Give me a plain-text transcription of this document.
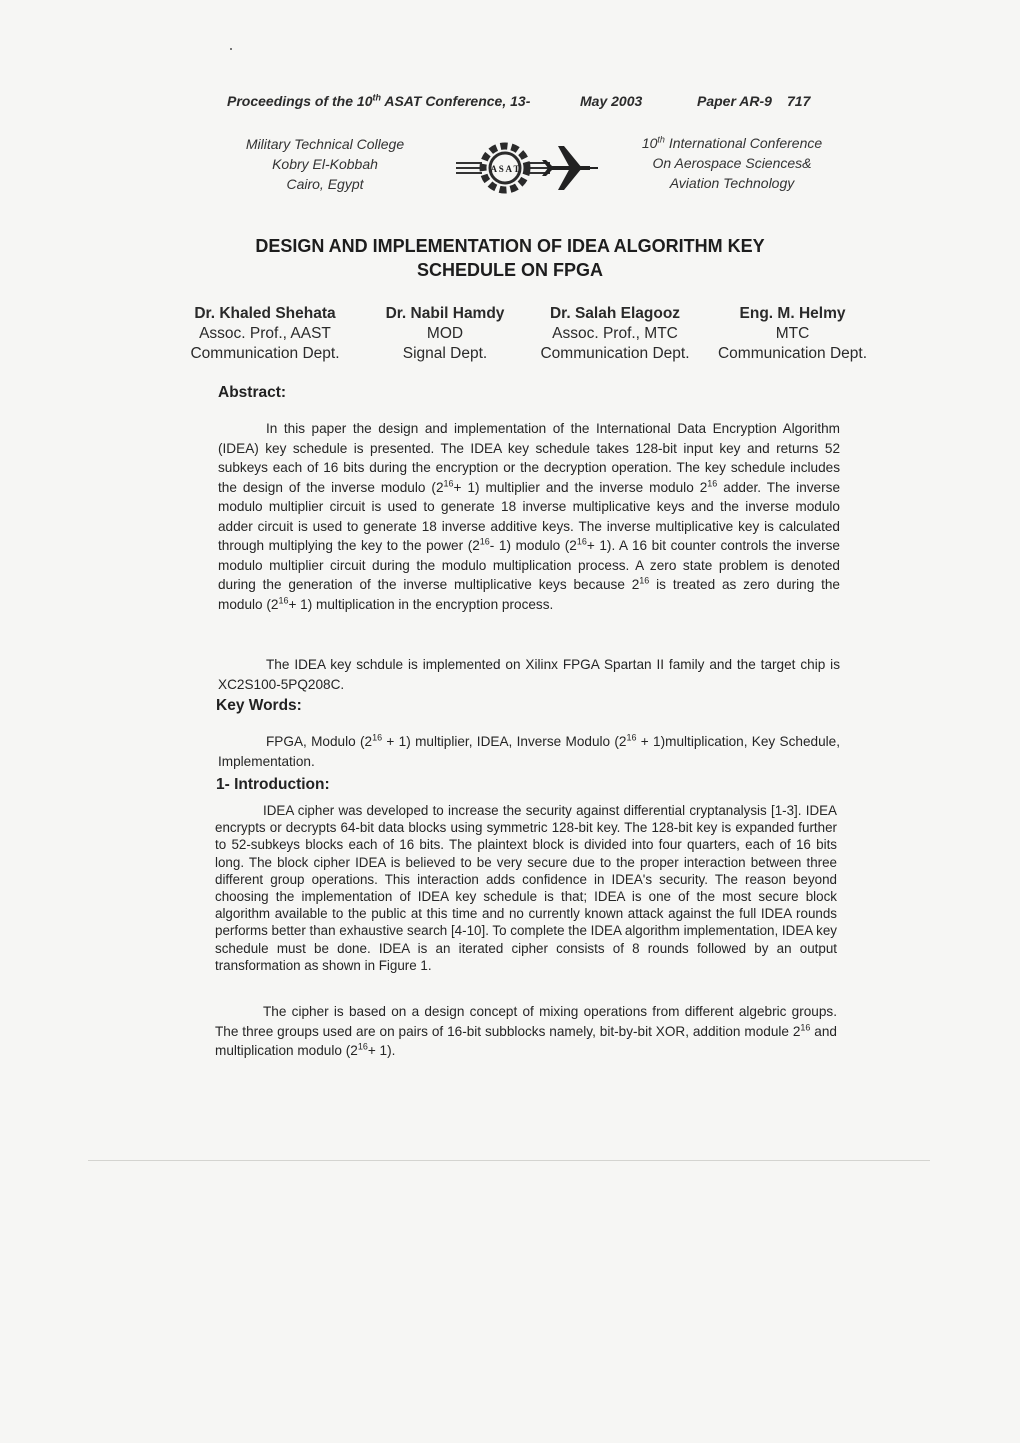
Proceedings of the 10th ASAT Conference, 13-	May 2003	Paper AR-9 717
Military Technical College
Kobry El-Kobbah
Cairo, Egypt
A S A T
10th International Conference
On Aerospace Sciences&
Aviation Technology
DESIGN AND IMPLEMENTATION OF IDEA ALGORITHM KEY
SCHEDULE ON FPGA
Dr. Khaled Shehata
Assoc. Prof., AAST
Communication Dept.
Dr. Nabil Hamdy
MOD
Signal Dept.
Dr. Salah Elagooz
Assoc. Prof., MTC
Communication Dept.
Eng. M. Helmy
MTC
Communication Dept.
Abstract:

In this paper the design and implementation of the International Data Encryption Algorithm (IDEA) key schedule is presented. The IDEA key schedule takes 128-bit input key and returns 52 subkeys each of 16 bits during the encryption or the decryption operation. The key schedule includes the design of the inverse modulo $(2^{16}+ 1)$ multiplier and the inverse modulo $2^{16}$ adder. The inverse modulo multiplier circuit is used to generate 18 inverse multiplicative keys and the inverse modulo adder circuit is used to generate 18 inverse additive keys. The inverse multiplicative key is calculated through multiplying the key to the power ($2^{16}-$ 1) modulo $(2^{16}+ 1)$. A 16 bit counter controls the inverse modulo multiplier circuit during the modulo multiplication process. A zero state problem is denoted during the generation of the inverse multiplicative keys because $2^{16}$ is treated as zero during the modulo $(2^{16}+ 1)$ multiplication in the encryption process.

The IDEA key schdule is implemented on Xilinx FPGA Spartan II family and the target chip is XC2S100-5PQ208C.

Key Words:

FPGA, Modulo $(2^{16} + 1)$ multiplier, IDEA, Inverse Modulo ($2^{16}$ + 1)multiplication, Key Schedule, Implementation.

1- Introduction:

IDEA cipher was developed to increase the security against differential cryptanalysis [1-3]. IDEA encrypts or decrypts 64-bit data blocks using symmetric 128-bit key. The 128-bit key is expanded further to 52-subkeys blocks each of 16 bits. The plaintext block is divided into four quarters, each of 16 bits long. The block cipher IDEA is believed to be very secure due to the proper interaction between three different group operations. This interaction adds confidence in IDEA's security. The reason beyond choosing the implementation of IDEA key schedule is that; IDEA is one of the most secure block algorithm available to the public at this time and no currently known attack against the full IDEA rounds performs better than exhaustive search [4-10]. To complete the IDEA algorithm implementation, IDEA key schedule must be done. IDEA is an iterated cipher consists of 8 rounds followed by an output transformation as shown in Figure 1.

The cipher is based on a design concept of mixing operations from different algebric groups. The three groups used are on pairs of 16-bit subblocks namely, bit-by-bit XOR, addition module $2^{16}$ and multiplication modulo $(2^{16}+ 1)$.
